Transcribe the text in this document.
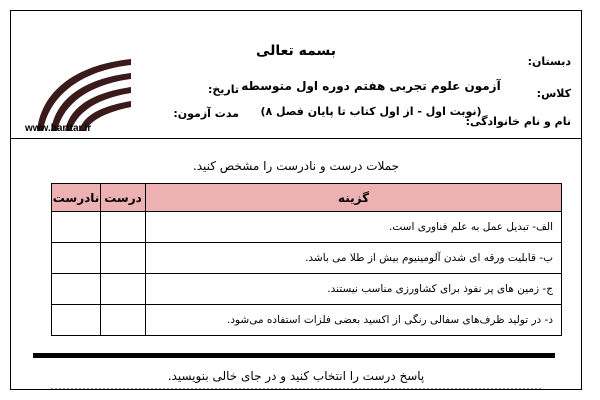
بسمه تعالی
دبستان:
کلاس:
نام و نام خانوادگی:
آزمون علوم تجربی هفتم دوره اول متوسطه
(نوبت اول - از اول کتاب تا پایان فصل ۸)
تاریخ:
مدت آزمون:
www.barttar.ir
جملات درست و نادرست را مشخص کنید.
نادرست	درست	گزینه
		الف- تبدیل عمل به علم فناوری است.
		ب- قابلیت ورقه ای شدن آلومینیوم بیش از طلا می باشد.
		ج- زمین های پر نفوذ برای کشاورزی مناسب نیستند.
		د- در تولید ظرف‌های سفالی رنگی از اکسید بعضی فلزات استفاده می‌شود.
پاسخ درست را انتخاب کنید و در جای خالی بنویسید.
